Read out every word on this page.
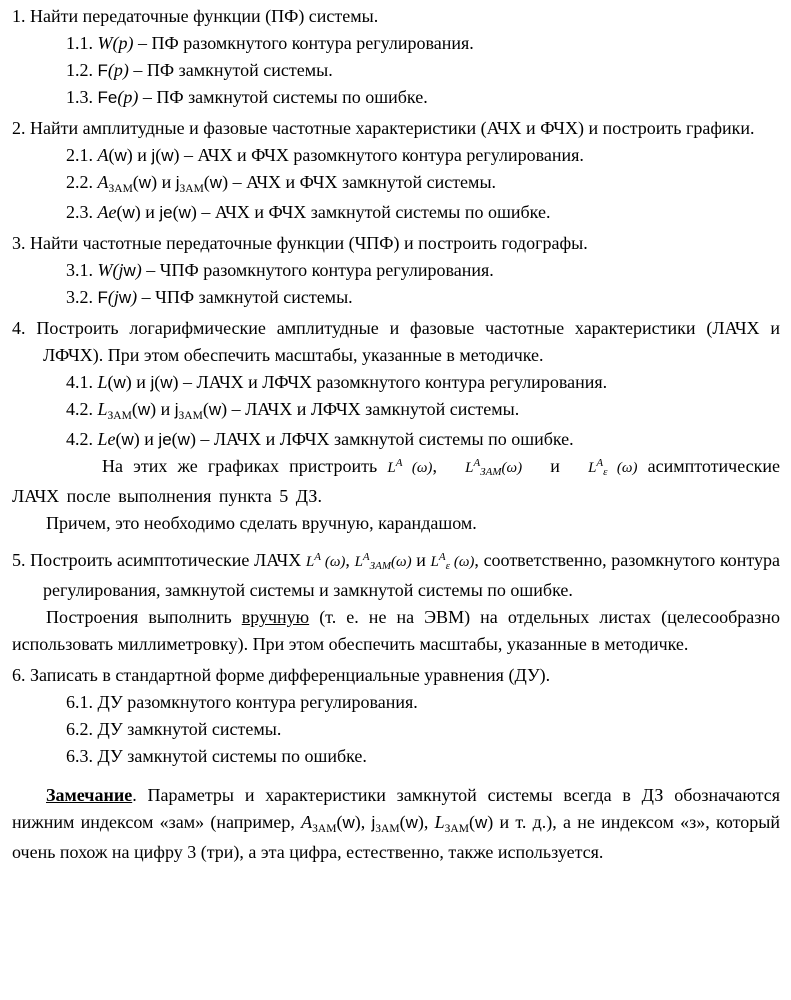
1. Найти передаточные функции (ПФ) системы.

1.1. W(p) – ПФ разомкнутого контура регулирования.

1.2. F(p) – ПФ замкнутой системы.

1.3. Fe(p) – ПФ замкнутой системы по ошибке.

2. Найти амплитудные и фазовые частотные характеристики (АЧХ и ФЧХ) и построить графики.

2.1. A(w) и j(w) – АЧХ и ФЧХ разомкнутого контура регулирования.

2.2. AЗАМ(w) и jЗАМ(w) – АЧХ и ФЧХ замкнутой системы.

2.3. Ae(w) и je(w) – АЧХ и ФЧХ замкнутой системы по ошибке.

3. Найти частотные передаточные функции (ЧПФ) и построить годографы.

3.1. W(jw) – ЧПФ разомкнутого контура регулирования.

3.2. F(jw) – ЧПФ замкнутой системы.

4. Построить логарифмические амплитудные и фазовые частотные характеристики (ЛАЧХ и ЛФЧХ). При этом обеспечить масштабы, указанные в методичке.

4.1. L(w) и j(w) – ЛАЧХ и ЛФЧХ разомкнутого контура регулирования.

4.2. LЗАМ(w) и jЗАМ(w) – ЛАЧХ и ЛФЧХ замкнутой системы.

4.2. Le(w) и je(w) – ЛАЧХ и ЛФЧХ замкнутой системы по ошибке.

На этих же графиках пристроить $L^A$ (ω),  $L^AЗАМ(\omega)$  и  $L^A\varepsilon$ (ω) асимптотические ЛАЧХ после выполнения пункта 5 ДЗ.

Причем, это необходимо сделать вручную, карандашом.

5. Построить асимптотические ЛАЧХ $L^A$ (ω), $L^AЗАМ(\omega)$ и $L^A\varepsilon$ (ω), соответственно, разомкнутого контура регулирования, замкнутой системы и замкнутой системы по ошибке.

Построения выполнить вручную (т. е. не на ЭВМ) на отдельных листах (целесообразно использовать миллиметровку). При этом обеспечить масштабы, указанные в методичке.

6. Записать в стандартной форме дифференциальные уравнения (ДУ).

6.1. ДУ разомкнутого контура регулирования.

6.2. ДУ замкнутой системы.

6.3. ДУ замкнутой системы по ошибке.

Замечание. Параметры и характеристики замкнутой системы всегда в ДЗ обозначаются нижним индексом «зам» (например, AЗАМ(w), jЗАМ(w), LЗАМ(w) и т. д.), а не индексом «з», который очень похож на цифру 3 (три), а эта цифра, естественно, также используется.
